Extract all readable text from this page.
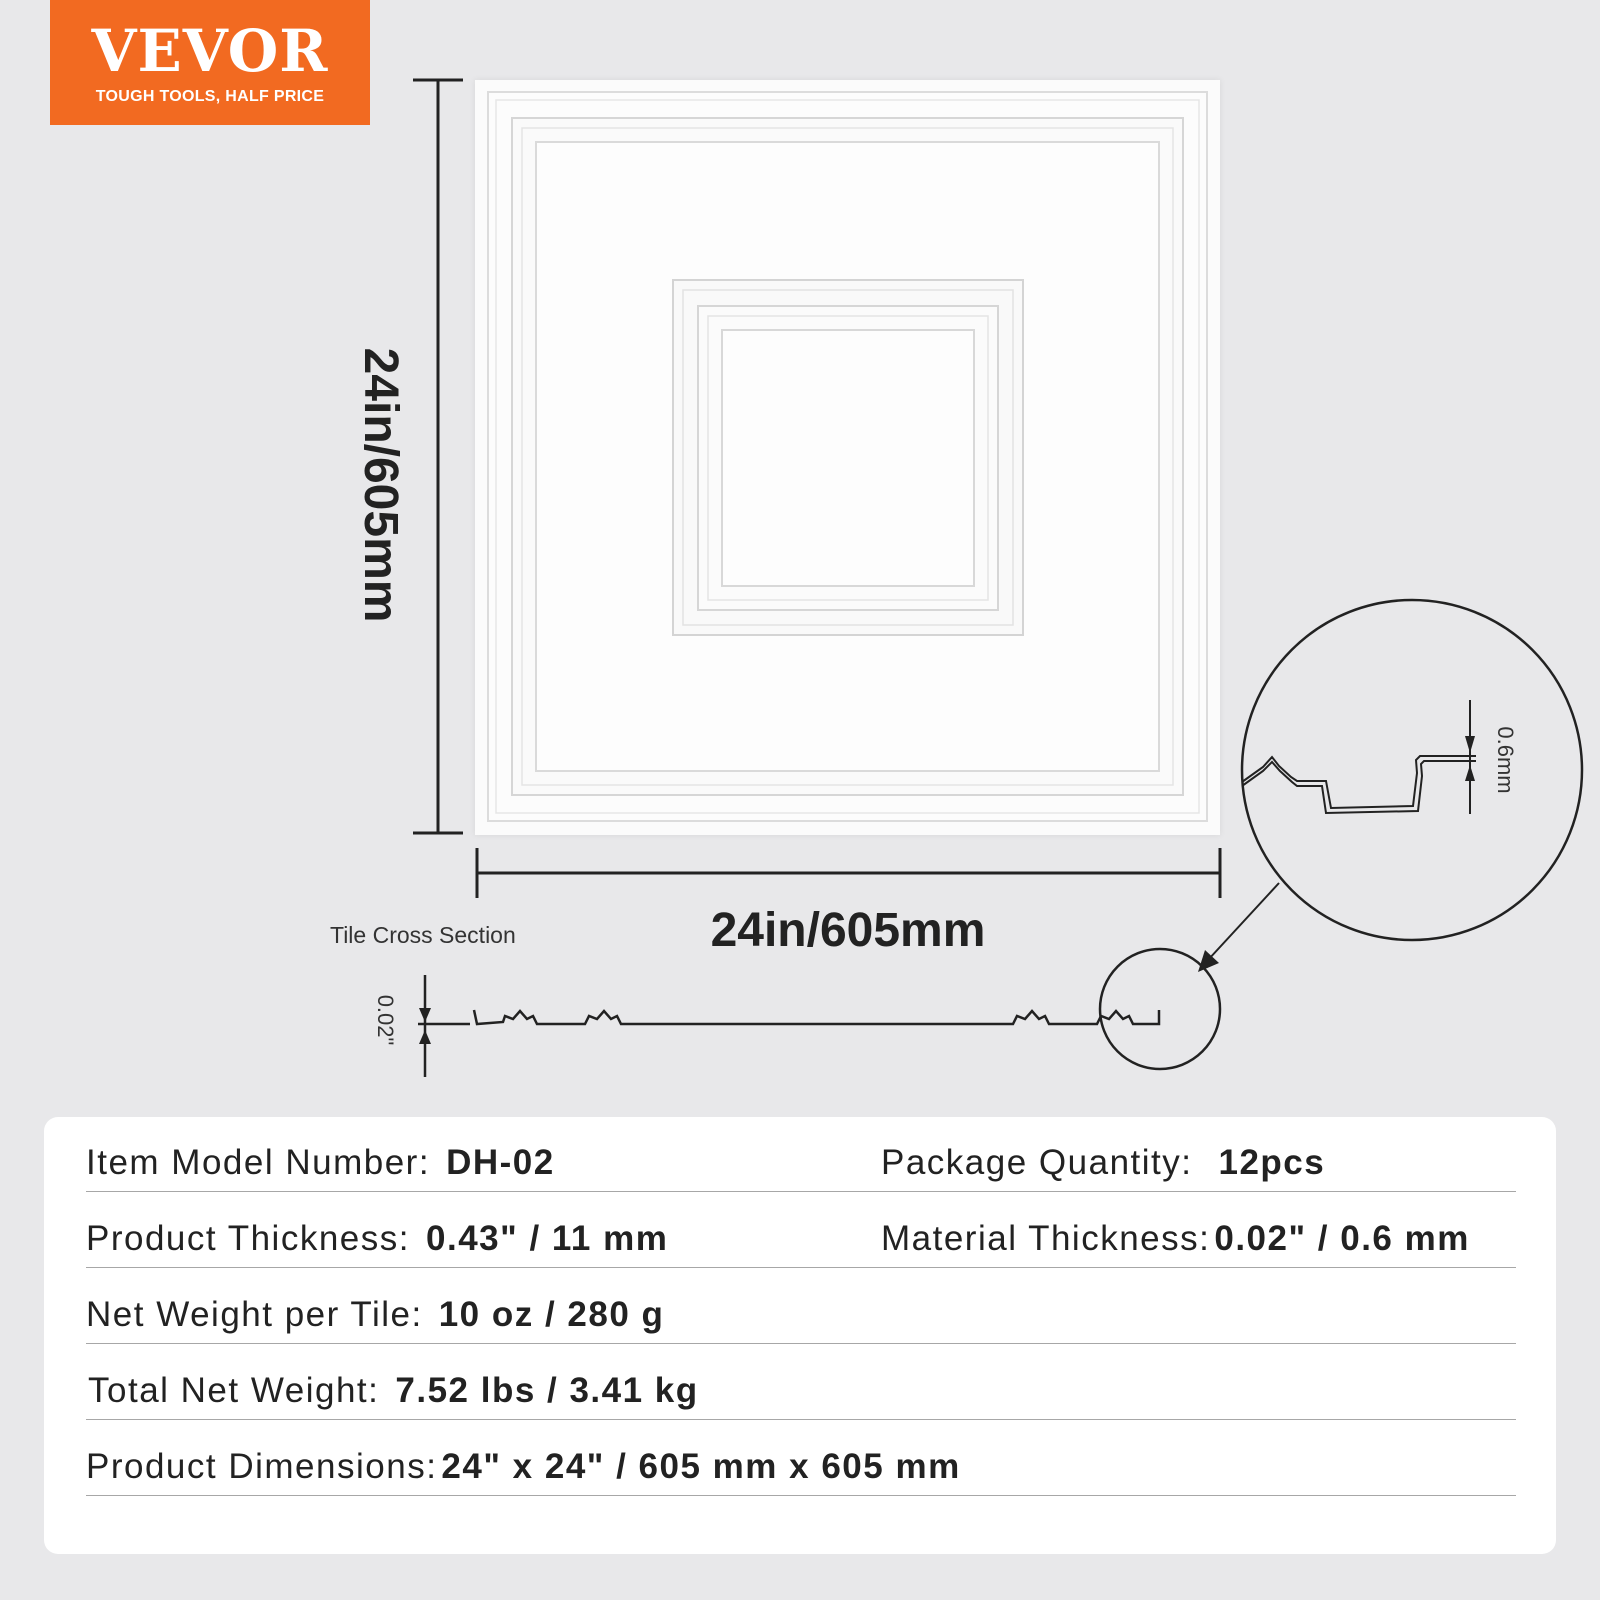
VEVOR
TOUGH TOOLS, HALF PRICE
24in/605mm
24in/605mm
Tile Cross Section
0.02"
0.6mm
Item Model Number: DH-02	Package Quantity: 12pcs
Product Thickness: 0.43" / 11 mm	Material Thickness: 0.02" / 0.6 mm
Net Weight per Tile: 10 oz / 280 g
Total Net Weight: 7.52 lbs / 3.41 kg
Product Dimensions: 24" x 24" / 605 mm x 605 mm
